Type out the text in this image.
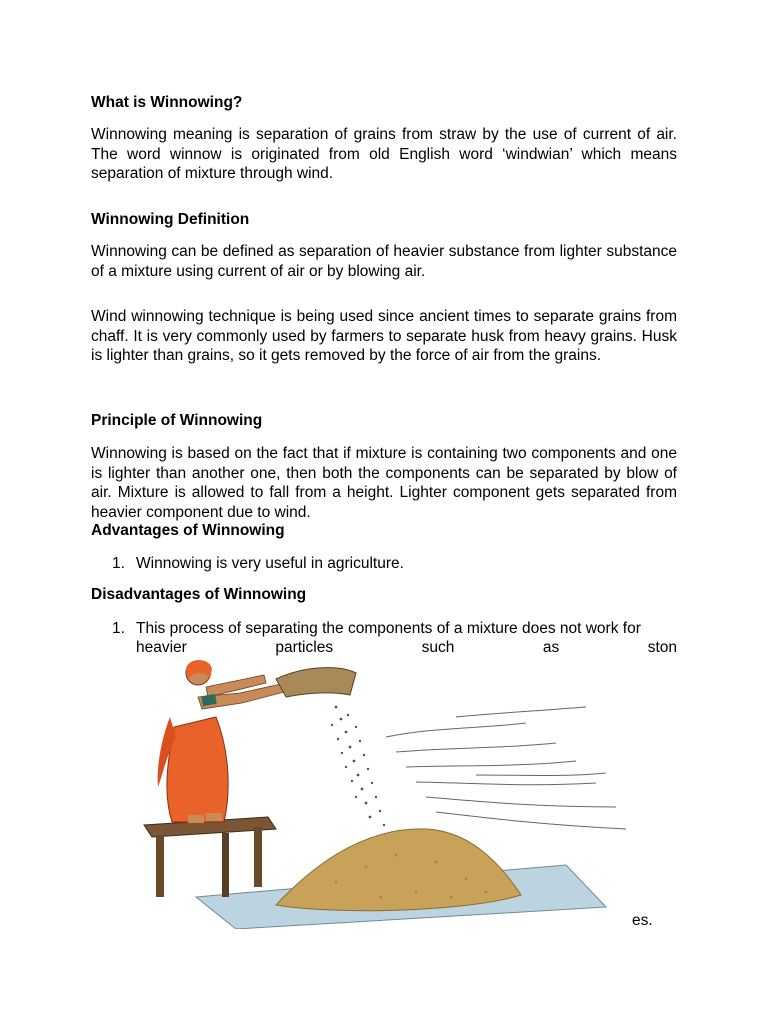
What is Winnowing?

Winnowing meaning is separation of grains from straw by the use of current of air. The word winnow is originated from old English word ‘windwian’ which means separation of mixture through wind.

Winnowing Definition

Winnowing can be defined as separation of heavier substance from lighter substance of a mixture using current of air or by blowing air.

Wind winnowing technique is being used since ancient times to separate grains from chaff. It is very commonly used by farmers to separate husk from heavy grains. Husk is lighter than grains, so it gets removed by the force of air from the grains.

Principle of Winnowing

Winnowing is based on the fact that if mixture is containing two components and one is lighter than another one, then both the components can be separated by blow of air. Mixture is allowed to fall from a height. Lighter component gets separated from heavier component due to wind.

Advantages of Winnowing
1. Winnowing is very useful in agriculture.
Disadvantages of Winnowing
1. This process of separating the components of a mixture does not work for
heavier particles such as ston
es.
